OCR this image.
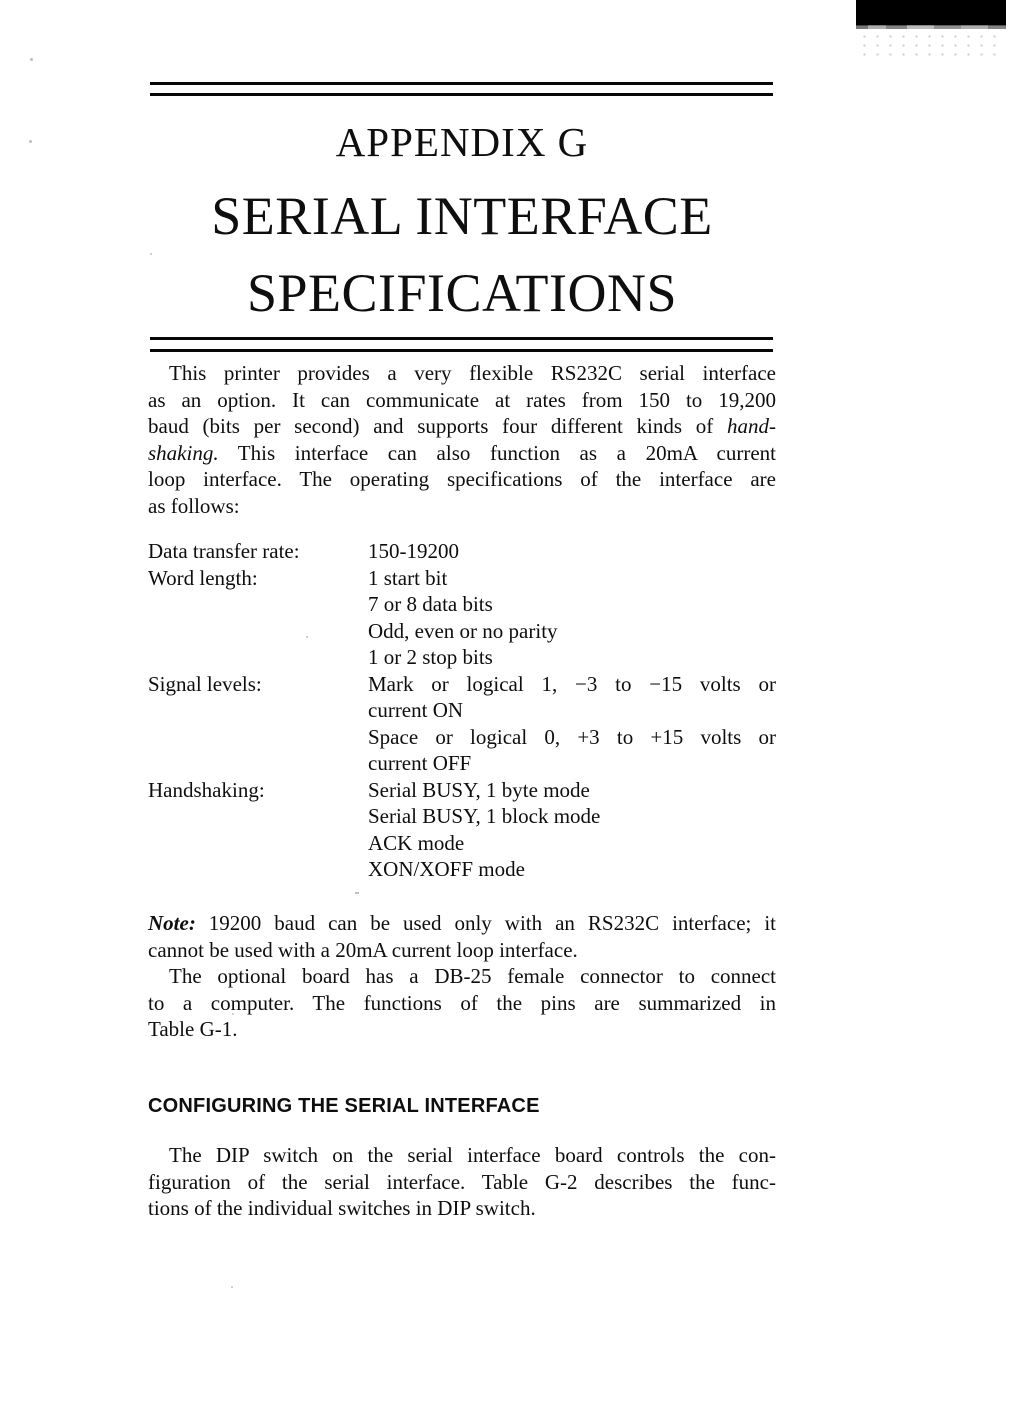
APPENDIX G
SERIAL INTERFACE
SPECIFICATIONS
This printer provides a very flexible RS232C serial interface
as an option. It can communicate at rates from 150 to 19,200
baud (bits per second) and supports four different kinds of hand-
shaking. This interface can also function as a 20mA current
loop interface. The operating specifications of the interface are
as follows:
Data transfer rate:	150-19200
Word length:	1 start bit
7 or 8 data bits
Odd, even or no parity
1 or 2 stop bits
Signal levels:	Mark or logical 1, −3 to −15 volts or
current ON
Space or logical 0, +3 to +15 volts or
current OFF
Handshaking:	Serial BUSY, 1 byte mode
Serial BUSY, 1 block mode
ACK mode
XON/XOFF mode
Note: 19200 baud can be used only with an RS232C interface; it
cannot be used with a 20mA current loop interface.
The optional board has a DB-25 female connector to connect
to a computer. The functions of the pins are summarized in
Table G-1.
CONFIGURING THE SERIAL INTERFACE
The DIP switch on the serial interface board controls the con-
figuration of the serial interface. Table G-2 describes the func-
tions of the individual switches in DIP switch.
